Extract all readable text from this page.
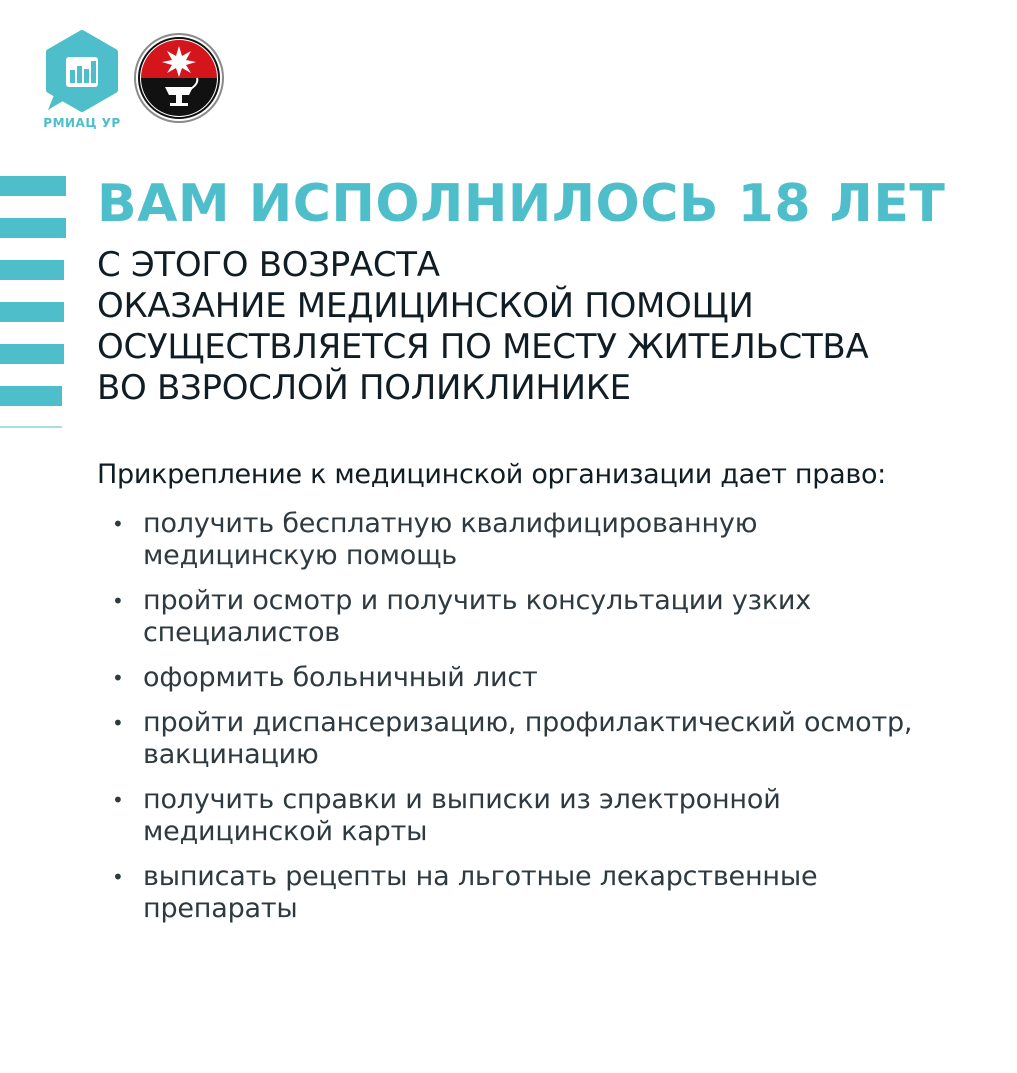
РМИАЦ УР
ВАМ ИСПОЛНИЛОСЬ 18 ЛЕТ
С ЭТОГО ВОЗРАСТА
ОКАЗАНИЕ МЕДИЦИНСКОЙ ПОМОЩИ
ОСУЩЕСТВЛЯЕТСЯ ПО МЕСТУ ЖИТЕЛЬСТВА
ВО ВЗРОСЛОЙ ПОЛИКЛИНИКЕ
Прикрепление к медицинской организации дает право:
• получить бесплатную квалифицированную
медицинскую помощь
• пройти осмотр и получить консультации узких
специалистов
• оформить больничный лист
• пройти диспансеризацию, профилактический осмотр,
вакцинацию
• получить справки и выписки из электронной
медицинской карты
• выписать рецепты на льготные лекарственные
препараты
